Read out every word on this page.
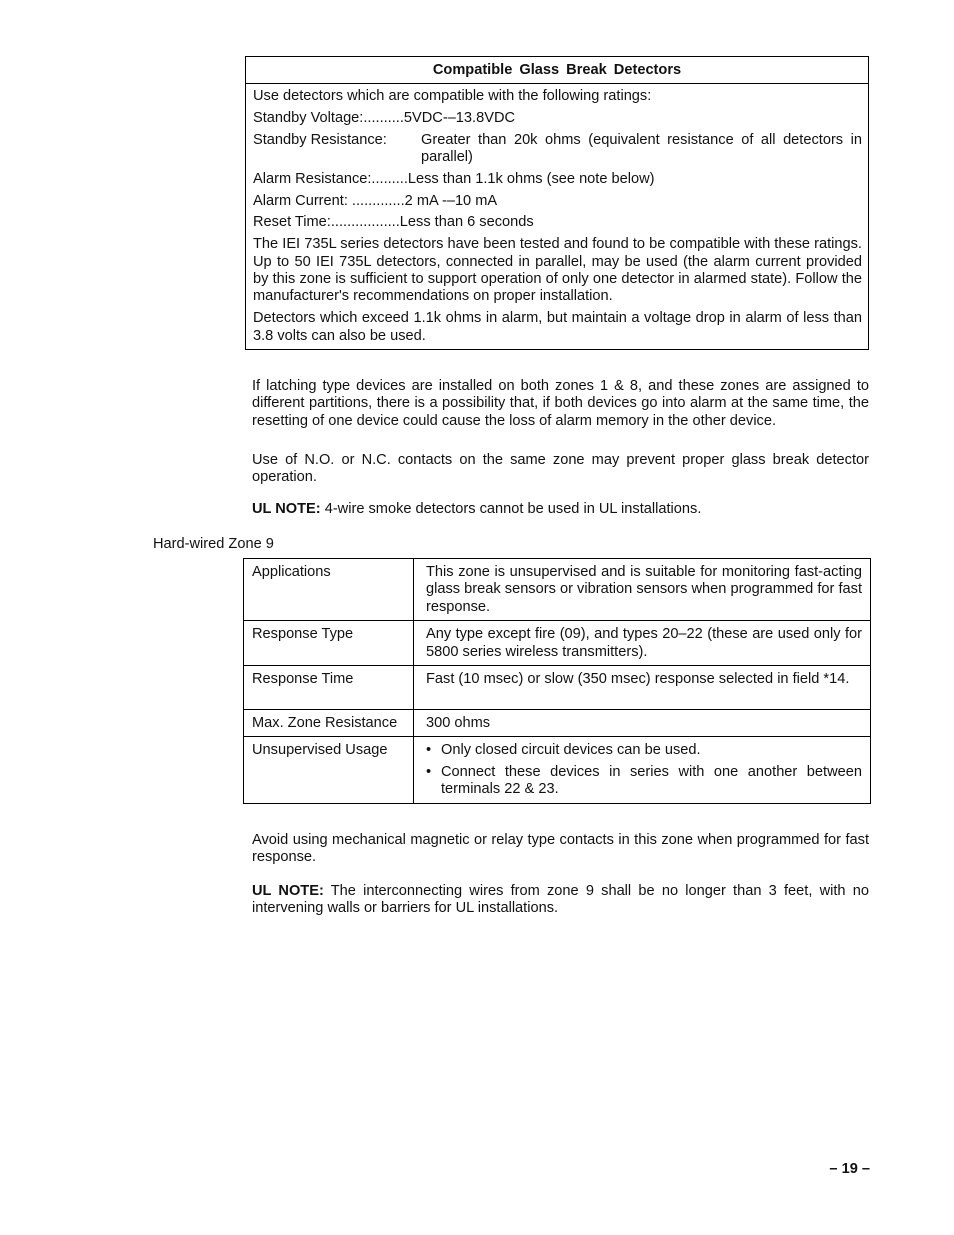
Compatible Glass Break Detectors

Use detectors which are compatible with the following ratings:

Standby Voltage:.......... 5VDC-–13.8VDC
Standby Resistance:	Greater than 20k ohms (equivalent resistance of all detectors in parallel)
Alarm Resistance:......... Less than 1.1k ohms (see note below)
Alarm Current: ............. 2 mA -–10 mA
Reset Time:................. Less than 6 seconds

The IEI 735L series detectors have been tested and found to be compatible with these ratings. Up to 50 IEI 735L detectors, connected in parallel, may be used (the alarm current provided by this zone is sufficient to support operation of only one detector in alarmed state). Follow the manufacturer's recommendations on proper installation.

Detectors which exceed 1.1k ohms in alarm, but maintain a voltage drop in alarm of less than 3.8 volts can also be used.

If latching type devices are installed on both zones 1 & 8, and these zones are assigned to different partitions, there is a possibility that, if both devices go into alarm at the same time, the resetting of one device could cause the loss of alarm memory in the other device.

Use of N.O. or N.C. contacts on the same zone may prevent proper glass break detector operation.

UL NOTE: 4-wire smoke detectors cannot be used in UL installations.

Hard-wired Zone 9

Applications	This zone is unsupervised and is suitable for monitoring fast-acting glass break sensors or vibration sensors when programmed for fast response.
Response Type	Any type except fire (09), and types 20–22 (these are used only for 5800 series wireless transmitters).
Response Time	Fast (10 msec) or slow (350 msec) response selected in field *14.
Max. Zone Resistance	300 ohms
Unsupervised Usage	• Only closed circuit devices can be used.
• Connect these devices in series with one another between terminals 22 & 23.

Avoid using mechanical magnetic or relay type contacts in this zone when programmed for fast response.

UL NOTE: The interconnecting wires from zone 9 shall be no longer than 3 feet, with no intervening walls or barriers for UL installations.

– 19 –
